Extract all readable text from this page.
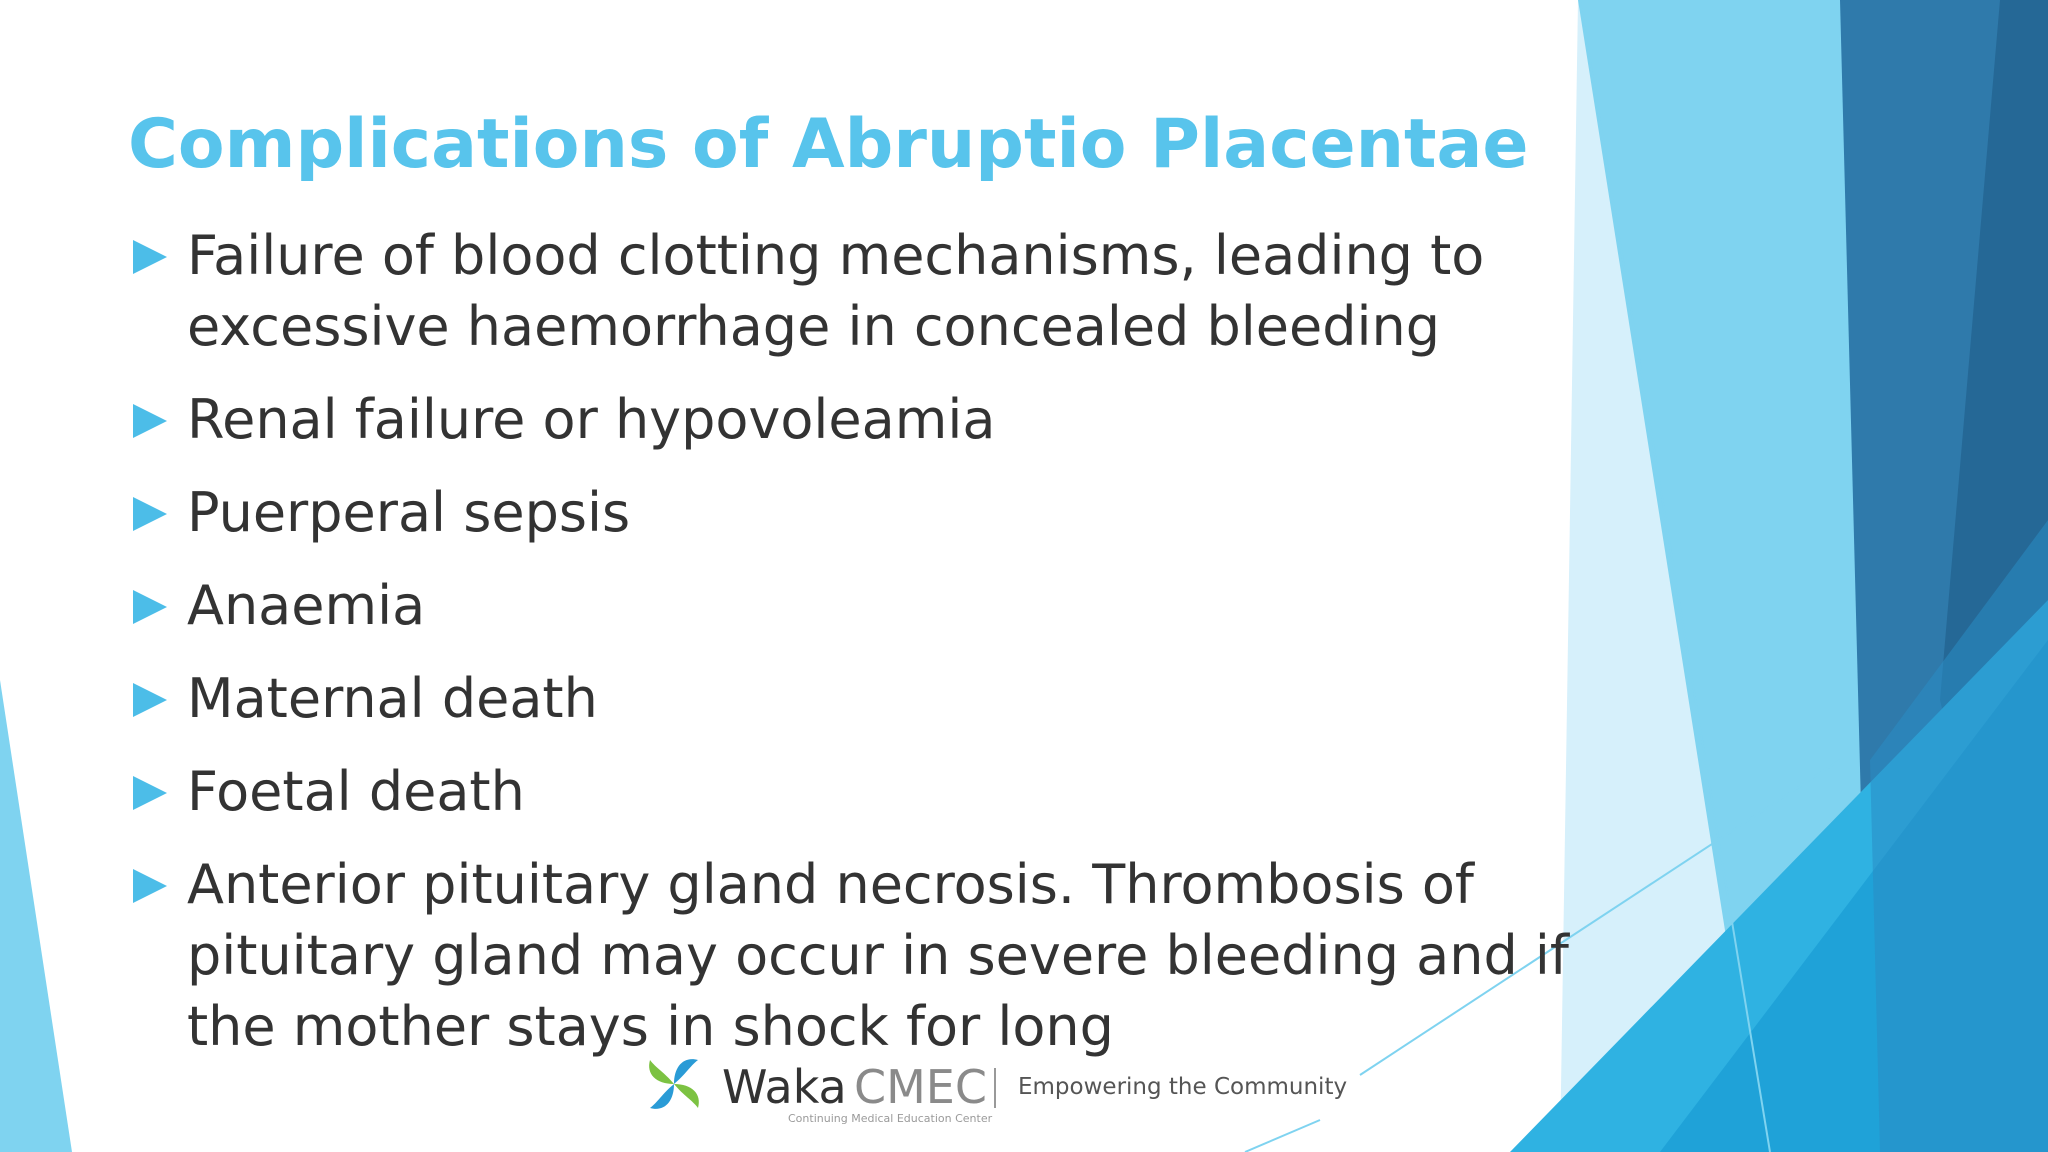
Complications of Abruptio Placentae
Failure of blood clotting mechanisms, leading to excessive haemorrhage in concealed bleeding
Renal failure or hypovoleamia
Puerperal sepsis
Anaemia
Maternal death
Foetal death
Anterior pituitary gland necrosis. Thrombosis of pituitary gland may occur in severe bleeding and if the mother stays in shock for long
Waka CMEC Empowering the Community
Continuing Medical Education Center
